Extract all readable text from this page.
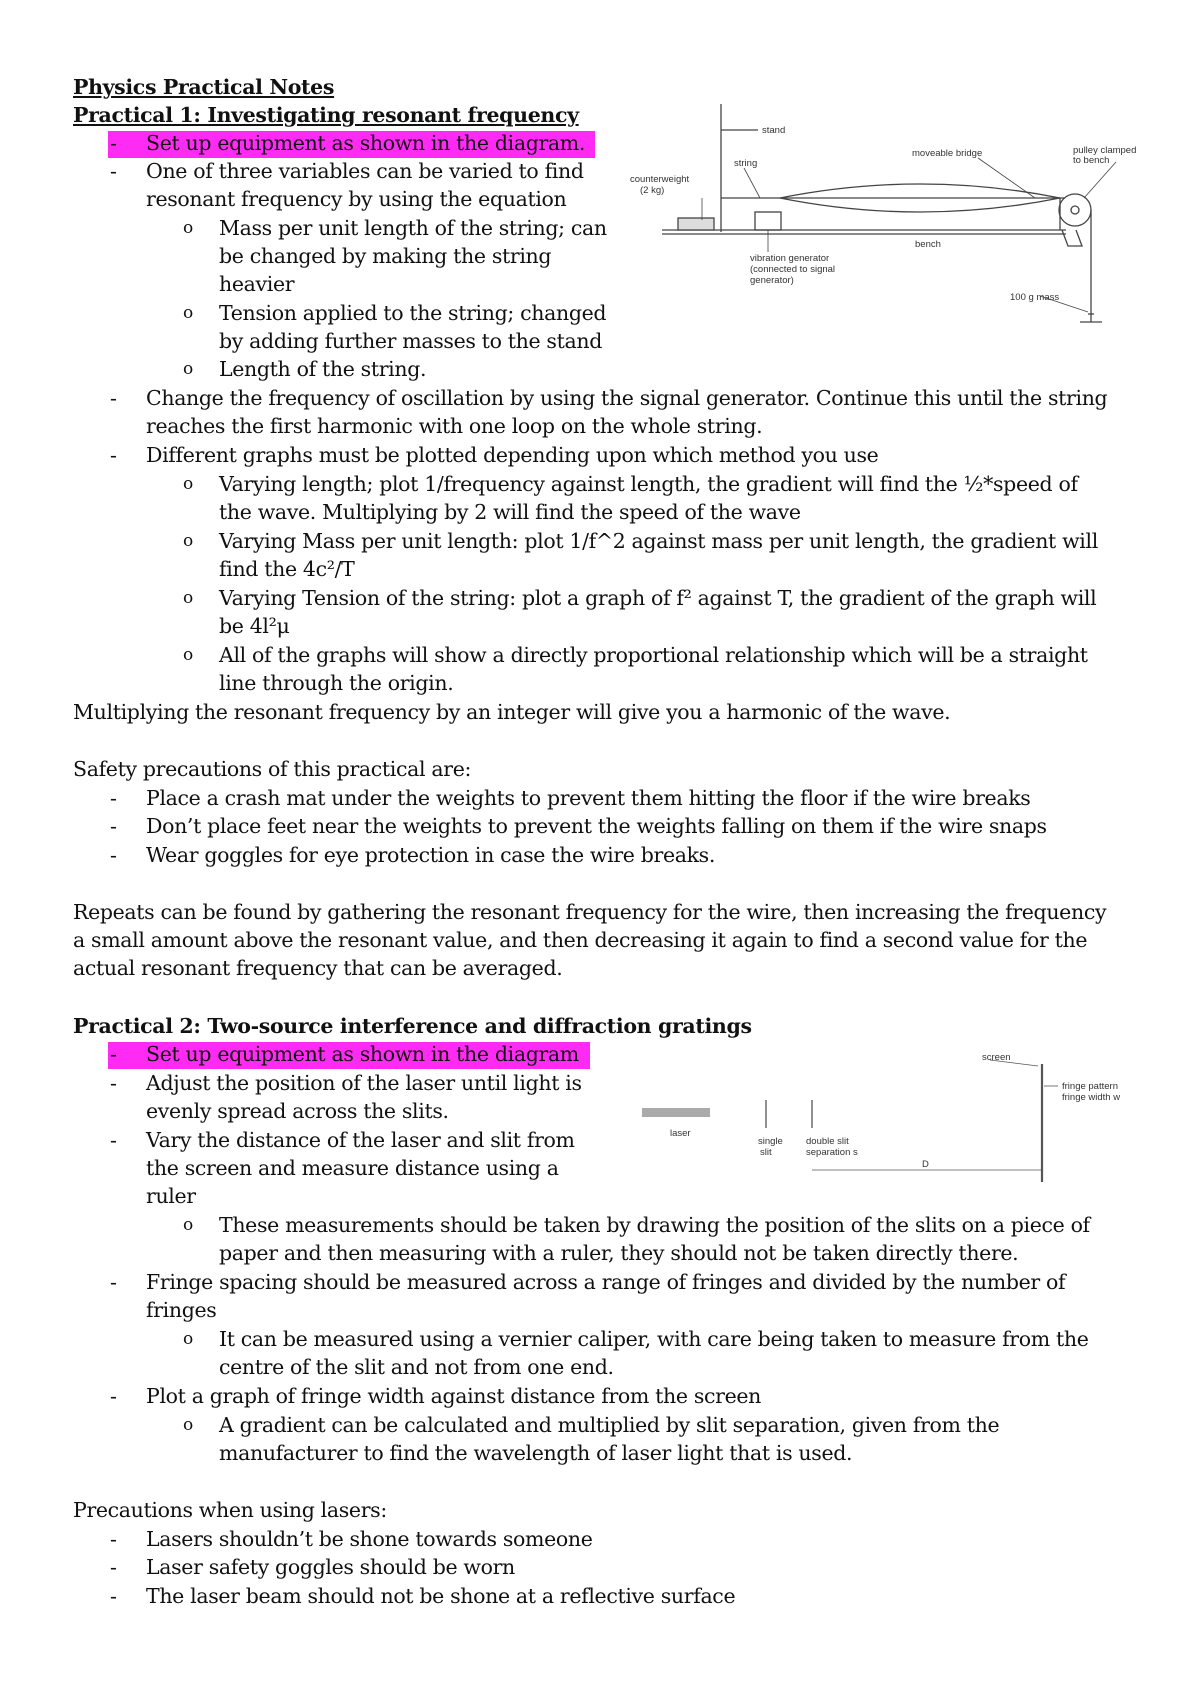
Physics Practical Notes
Practical 1: Investigating resonant frequency
- Set up equipment as shown in the diagram.
- One of three variables can be varied to find
resonant frequency by using the equation
o Mass per unit length of the string; can
be changed by making the string
heavier
o Tension applied to the string; changed
by adding further masses to the stand
o Length of the string.
- Change the frequency of oscillation by using the signal generator. Continue this until the string
reaches the first harmonic with one loop on the whole string.
- Different graphs must be plotted depending upon which method you use
o Varying length; plot 1/frequency against length, the gradient will find the ½*speed of
the wave. Multiplying by 2 will find the speed of the wave
o Varying Mass per unit length: plot 1/f^2 against mass per unit length, the gradient will
find the 4c²/T
o Varying Tension of the string: plot a graph of f² against T, the gradient of the graph will
be 4l²μ
o All of the graphs will show a directly proportional relationship which will be a straight
line through the origin.
Multiplying the resonant frequency by an integer will give you a harmonic of the wave.
Safety precautions of this practical are:
- Place a crash mat under the weights to prevent them hitting the floor if the wire breaks
- Don’t place feet near the weights to prevent the weights falling on them if the wire snaps
- Wear goggles for eye protection in case the wire breaks.
Repeats can be found by gathering the resonant frequency for the wire, then increasing the frequency
a small amount above the resonant value, and then decreasing it again to find a second value for the
actual resonant frequency that can be averaged.
Practical 2: Two-source interference and diffraction gratings
- Set up equipment as shown in the diagram
- Adjust the position of the laser until light is
evenly spread across the slits.
- Vary the distance of the laser and slit from
the screen and measure distance using a
ruler
o These measurements should be taken by drawing the position of the slits on a piece of
paper and then measuring with a ruler, they should not be taken directly there.
- Fringe spacing should be measured across a range of fringes and divided by the number of
fringes
o It can be measured using a vernier caliper, with care being taken to measure from the
centre of the slit and not from one end.
- Plot a graph of fringe width against distance from the screen
o A gradient can be calculated and multiplied by slit separation, given from the
manufacturer to find the wavelength of laser light that is used.
Precautions when using lasers:
- Lasers shouldn’t be shone towards someone
- Laser safety goggles should be worn
- The laser beam should not be shone at a reflective surface
stand
counterweight
(2 kg)
string
moveable bridge	pulley clamped
to bench
bench
vibration generator
(connected to signal
generator)
100 g mass
screen
fringe pattern
fringe width w
laser
single
slit
double slit
separation s
D
